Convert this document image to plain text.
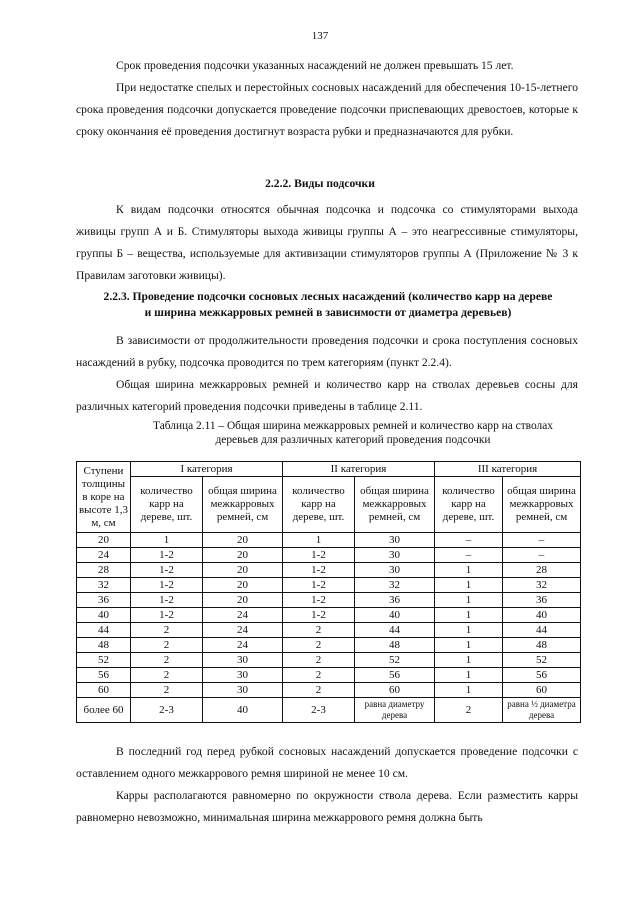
137

Срок проведения подсочки указанных насаждений не должен превышать 15 лет.

При недостатке спелых и перестойных сосновых насаждений для обеспечения 10-15-летнего срока проведения подсочки допускается проведение подсочки приспевающих древостоев, которые к сроку окончания её проведения достигнут возраста рубки и предназначаются для рубки.

2.2.2. Виды подсочки

К видам подсочки относятся обычная подсочка и подсочка со стимуляторами выхода живицы групп А и Б. Стимуляторы выхода живицы группы А – это неагрессивные стимуляторы, группы Б – вещества, используемые для активизации стимуляторов группы А (Приложение № 3 к Правилам заготовки живицы).

2.2.3. Проведение подсочки сосновых лесных насаждений (количество карр на дереве
и ширина межкарровых ремней в зависимости от диаметра деревьев)

В зависимости от продолжительности проведения подсочки и срока поступления сосновых насаждений в рубку, подсочка проводится по трем категориям (пункт 2.2.4).

Общая ширина межкарровых ремней и количество карр на стволах деревьев сосны для различных категорий проведения подсочки приведены в таблице 2.11.

Таблица 2.11 – Общая ширина межкарровых ремней и количество карр на стволах
деревьев для различных категорий проведения подсочки
Ступени толщины в коре на высоте 1,3 м, см	I категория		II категория		III категория	
	количество карр на дереве, шт.	общая ширина межкарровых ремней, см	количество карр на дереве, шт.	общая ширина межкарровых ремней, см	количество карр на дереве, шт.	общая ширина межкарровых ремней, см
20	1	20	1	30	–	–
24	1-2	20	1-2	30	–	–
28	1-2	20	1-2	30	1	28
32	1-2	20	1-2	32	1	32
36	1-2	20	1-2	36	1	36
40	1-2	24	1-2	40	1	40
44	2	24	2	44	1	44
48	2	24	2	48	1	48
52	2	30	2	52	1	52
56	2	30	2	56	1	56
60	2	30	2	60	1	60
более 60	2-3	40	2-3	равна диаметру дерева	2	равна ½ диаметра дерева

В последний год перед рубкой сосновых насаждений допускается проведение подсочки с оставлением одного межкаррового ремня шириной не менее 10 см.

Карры располагаются равномерно по окружности ствола дерева. Если разместить карры равномерно невозможно, минимальная ширина межкаррового ремня должна быть
